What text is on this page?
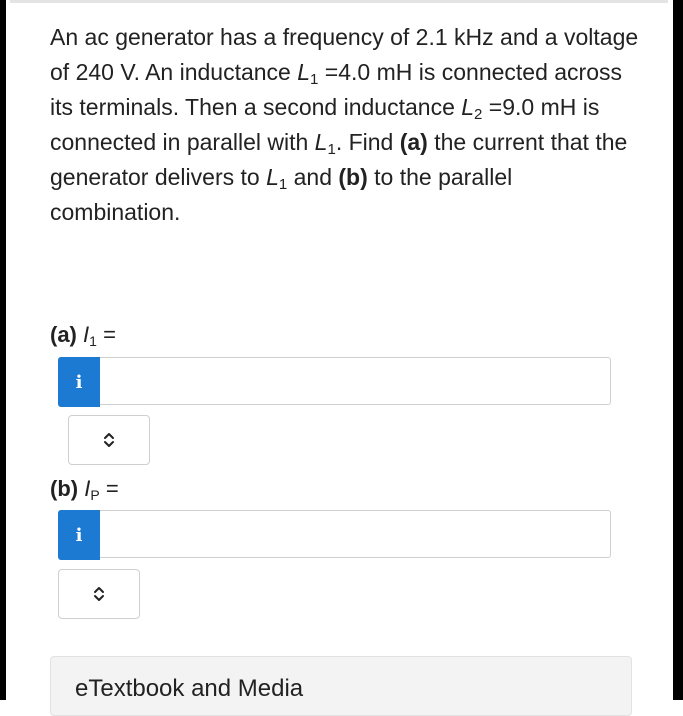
An ac generator has a frequency of 2.1 kHz and a voltage of 240 V. An inductance $L_1 =4.0$ mH is connected across its terminals. Then a second inductance $L_2 =9.0$ mH is connected in parallel with $L_1$. Find (a) the current that the generator delivers to $L_1$ and (b) to the parallel combination.
(a) $I_1$ =
i
(b) $I_P$ =
i
eTextbook and Media
